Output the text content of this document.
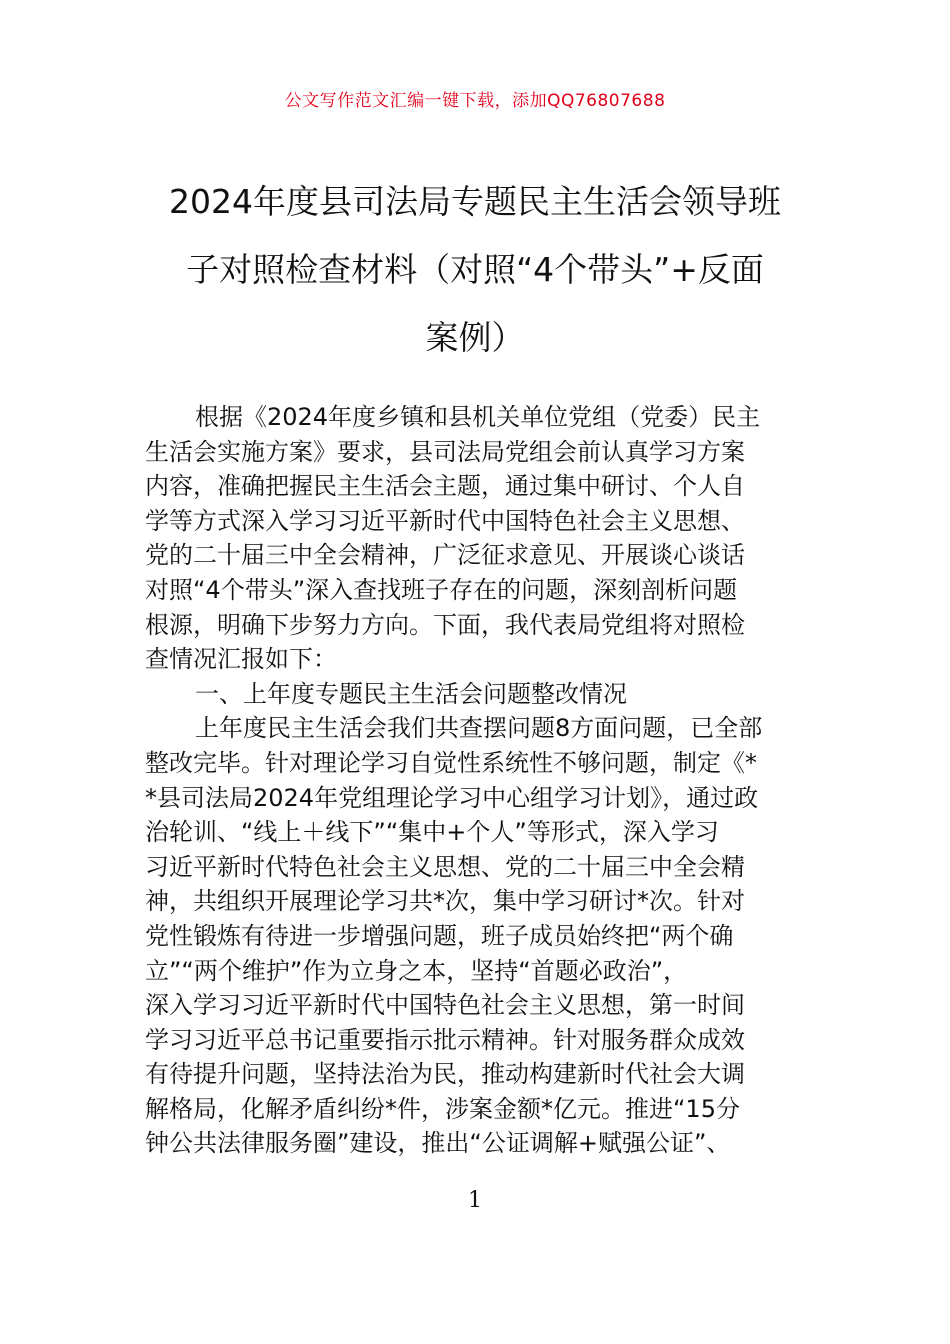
公文写作范文汇编一键下载，添加QQ76807688
2024年度县司法局专题民主生活会领导班
子对照检查材料（对照“4个带头”+反面
案例）
根据《2024年度乡镇和县机关单位党组（党委）民主
生活会实施方案》要求，县司法局党组会前认真学习方案
内容，准确把握民主生活会主题，通过集中研讨、个人自
学等方式深入学习习近平新时代中国特色社会主义思想、
党的二十届三中全会精神，广泛征求意见、开展谈心谈话
对照“4个带头”深入查找班子存在的问题，深刻剖析问题
根源，明确下步努力方向。下面，我代表局党组将对照检
查情况汇报如下：
一、上年度专题民主生活会问题整改情况
上年度民主生活会我们共查摆问题8方面问题，已全部
整改完毕。针对理论学习自觉性系统性不够问题，制定《*
*县司法局2024年党组理论学习中心组学习计划》，通过政
治轮训、“线上＋线下”“集中+个人”等形式，深入学习
习近平新时代特色社会主义思想、党的二十届三中全会精
神，共组织开展理论学习共*次，集中学习研讨*次。针对
党性锻炼有待进一步增强问题，班子成员始终把“两个确
立”“两个维护”作为立身之本，坚持“首题必政治”，
深入学习习近平新时代中国特色社会主义思想，第一时间
学习习近平总书记重要指示批示精神。针对服务群众成效
有待提升问题，坚持法治为民，推动构建新时代社会大调
解格局，化解矛盾纠纷*件，涉案金额*亿元。推进“15分
钟公共法律服务圈”建设，推出“公证调解+赋强公证”、
1
